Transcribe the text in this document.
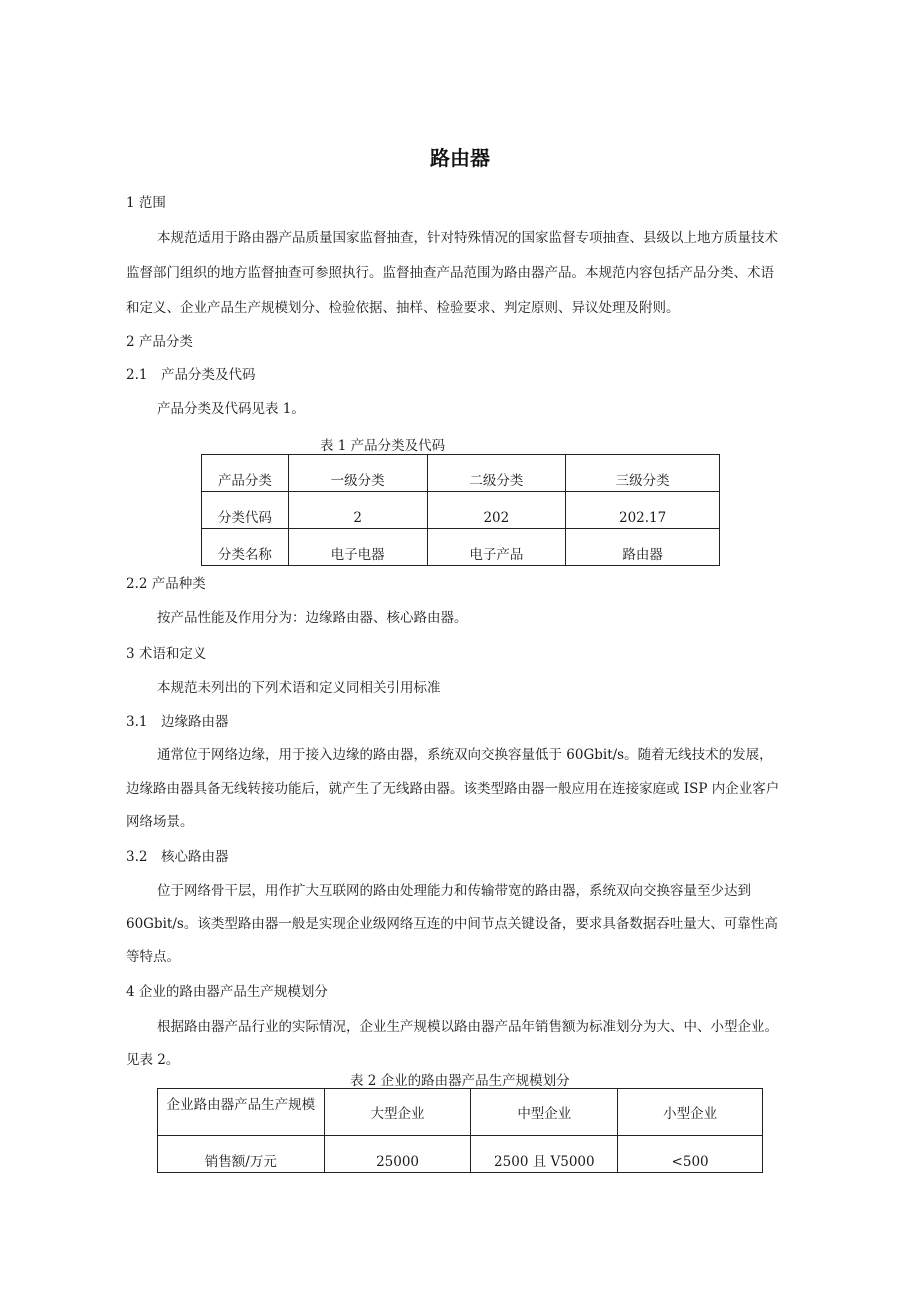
路由器
1 范围
本规范适用于路由器产品质量国家监督抽查，针对特殊情况的国家监督专项抽查、县级以上地方质量技术
监督部门组织的地方监督抽查可参照执行。监督抽查产品范围为路由器产品。本规范内容包括产品分类、术语
和定义、企业产品生产规模划分、检验依据、抽样、检验要求、判定原则、异议处理及附则。
2 产品分类
2.1　产品分类及代码
产品分类及代码见表 1。
表 1 产品分类及代码
产品分类	一级分类	二级分类	三级分类
分类代码	2	202	202.17
分类名称	电子电器	电子产品	路由器
2.2 产品种类
按产品性能及作用分为：边缘路由器、核心路由器。
3 术语和定义
本规范未列出的下列术语和定义同相关引用标准
3.1　边缘路由器
通常位于网络边缘，用于接入边缘的路由器，系统双向交换容量低于 60Gbit/s。随着无线技术的发展，
边缘路由器具备无线转接功能后，就产生了无线路由器。该类型路由器一般应用在连接家庭或 ISP 内企业客户
网络场景。
3.2　核心路由器
位于网络骨干层，用作扩大互联网的路由处理能力和传输带宽的路由器，系统双向交换容量至少达到
60Gbit/s。该类型路由器一般是实现企业级网络互连的中间节点关键设备，要求具备数据吞吐量大、可靠性高
等特点。
4 企业的路由器产品生产规模划分
根据路由器产品行业的实际情况，企业生产规模以路由器产品年销售额为标准划分为大、中、小型企业。
见表 2。
表 2 企业的路由器产品生产规模划分
企业路由器产品生产规模	大型企业	中型企业	小型企业
销售额/万元	25000	2500 且 V5000	<500
